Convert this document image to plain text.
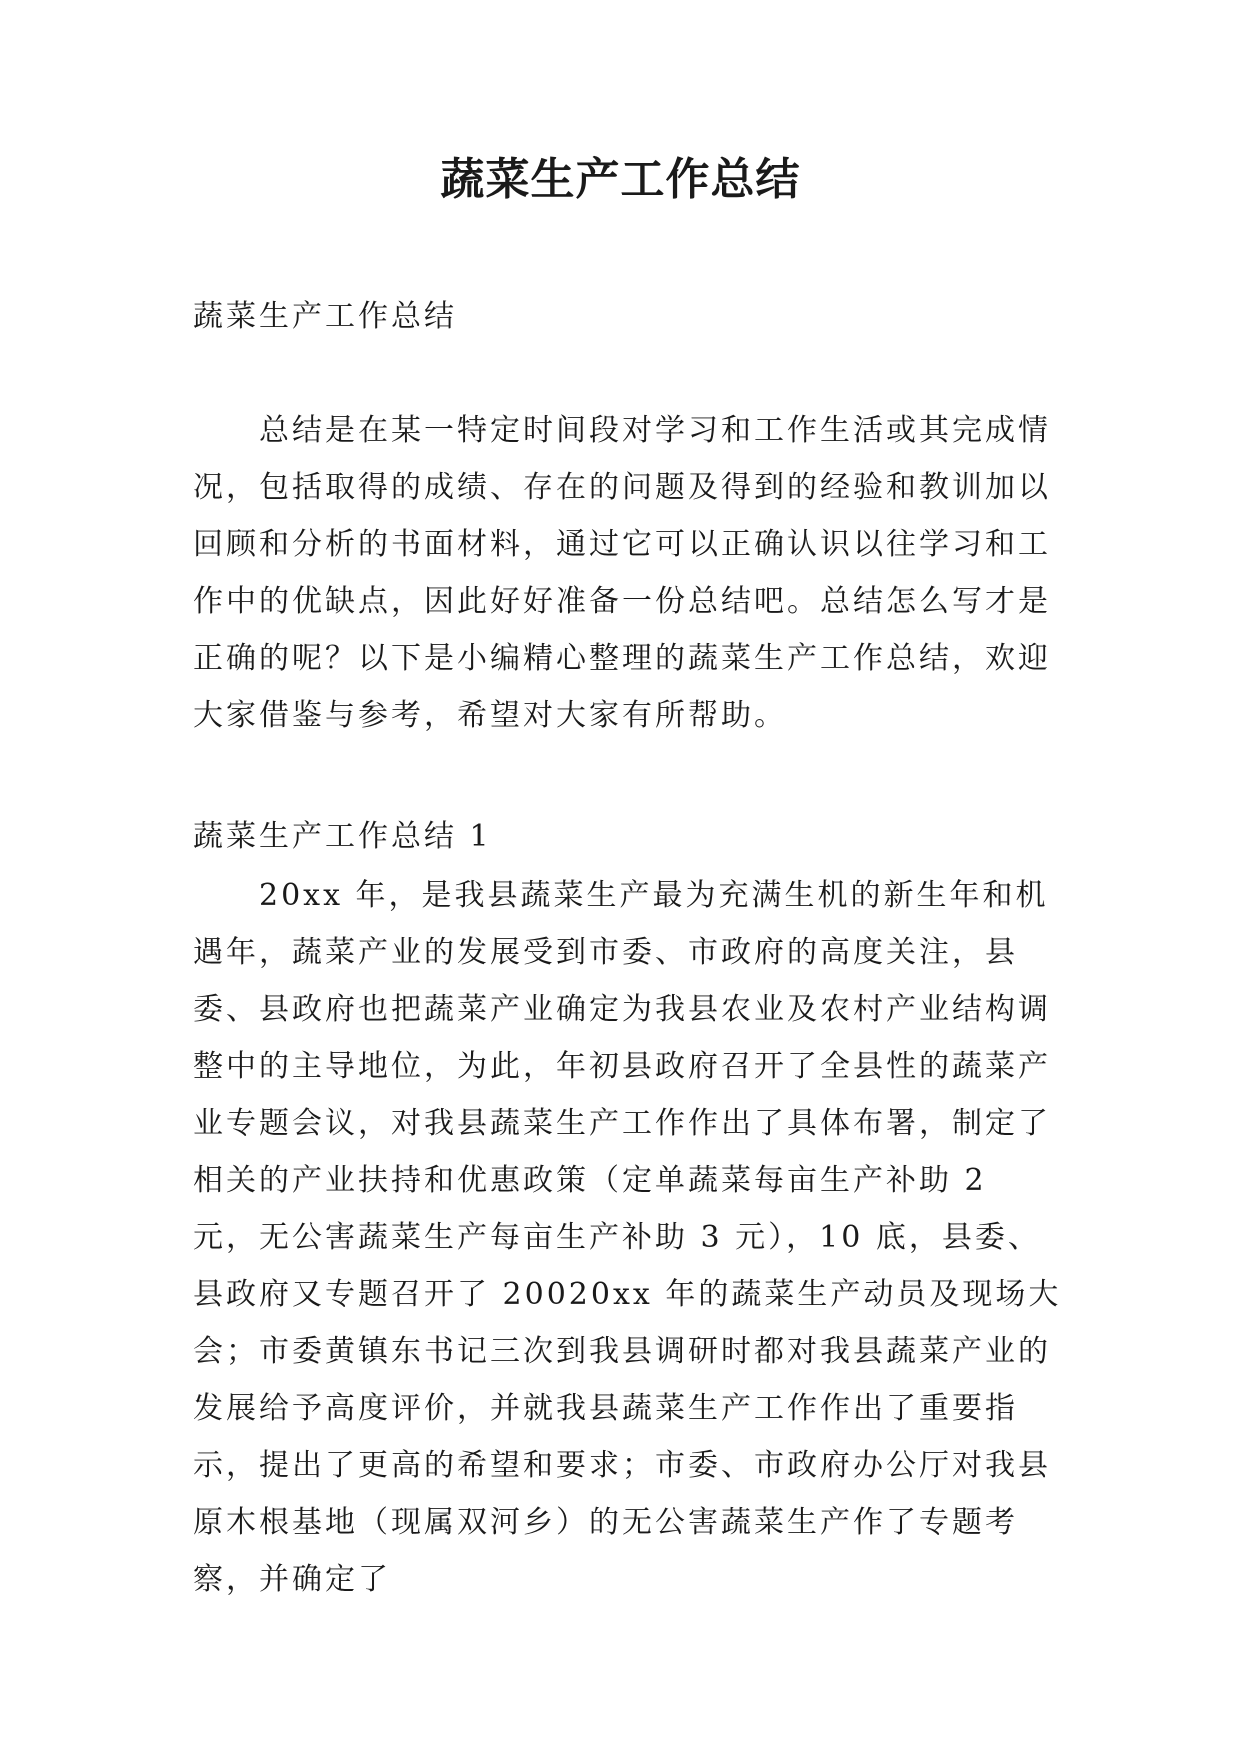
蔬菜生产工作总结

蔬菜生产工作总结

总结是在某一特定时间段对学习和工作生活或其完成情况，包括取得的成绩、存在的问题及得到的经验和教训加以回顾和分析的书面材料，通过它可以正确认识以往学习和工作中的优缺点，因此好好准备一份总结吧。总结怎么写才是正确的呢？以下是小编精心整理的蔬菜生产工作总结，欢迎大家借鉴与参考，希望对大家有所帮助。

蔬菜生产工作总结 1

20xx 年，是我县蔬菜生产最为充满生机的新生年和机遇年，蔬菜产业的发展受到市委、市政府的高度关注，县委、县政府也把蔬菜产业确定为我县农业及农村产业结构调整中的主导地位，为此，年初县政府召开了全县性的蔬菜产业专题会议，对我县蔬菜生产工作作出了具体布署，制定了相关的产业扶持和优惠政策（定单蔬菜每亩生产补助 2 元，无公害蔬菜生产每亩生产补助 3 元），10 底，县委、县政府又专题召开了 20020xx 年的蔬菜生产动员及现场大会；市委黄镇东书记三次到我县调研时都对我县蔬菜产业的发展给予高度评价，并就我县蔬菜生产工作作出了重要指示，提出了更高的希望和要求；市委、市政府办公厅对我县原木根基地（现属双河乡）的无公害蔬菜生产作了专题考察，并确定了
